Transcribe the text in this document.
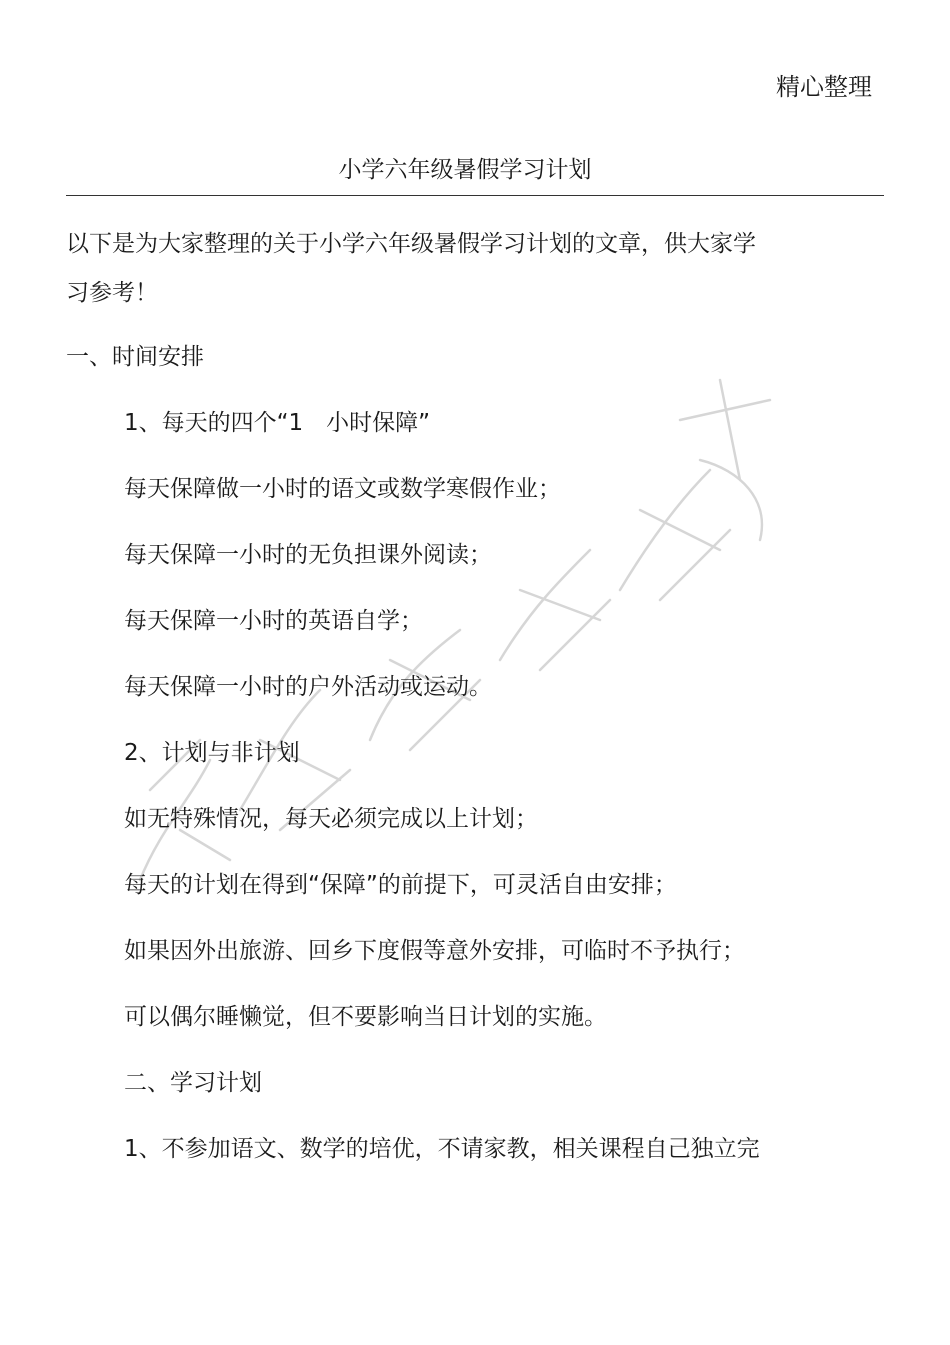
精心整理
小学六年级暑假学习计划
以下是为大家整理的关于小学六年级暑假学习计划的文章，供大家学
习参考！
一、时间安排
1、每天的四个“1　小时保障”
每天保障做一小时的语文或数学寒假作业；
每天保障一小时的无负担课外阅读；
每天保障一小时的英语自学；
每天保障一小时的户外活动或运动。
2、计划与非计划
如无特殊情况，每天必须完成以上计划；
每天的计划在得到“保障”的前提下，可灵活自由安排；
如果因外出旅游、回乡下度假等意外安排，可临时不予执行；
可以偶尔睡懒觉，但不要影响当日计划的实施。
二、学习计划
1、不参加语文、数学的培优，不请家教，相关课程自己独立完
